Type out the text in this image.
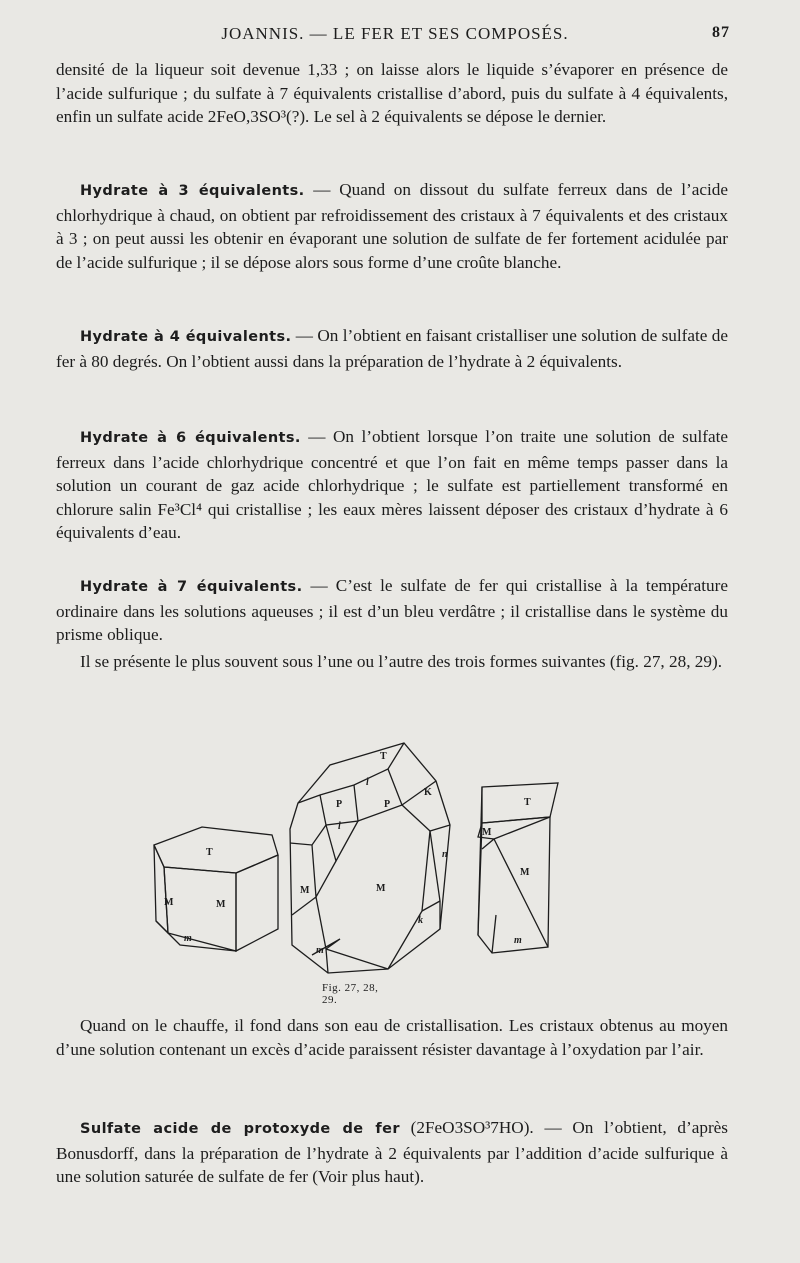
JOANNIS. — LE FER ET SES COMPOSÉS.	87

densité de la liqueur soit devenue 1,33 ; on laisse alors le liquide s’évaporer en présence de l’acide sulfurique ; du sulfate à 7 équivalents cristallise d’abord, puis du sulfate à 4 équivalents, enfin un sulfate acide 2FeO,3SO³(?). Le sel à 2 équivalents se dépose le dernier.

Hydrate à 3 équivalents. — Quand on dissout du sulfate ferreux dans de l’acide chlorhydrique à chaud, on obtient par refroidissement des cristaux à 7 équivalents et des cristaux à 3 ; on peut aussi les obtenir en évaporant une solution de sulfate de fer fortement acidulée par de l’acide sulfurique ; il se dépose alors sous forme d’une croûte blanche.

Hydrate à 4 équivalents. — On l’obtient en faisant cristalliser une solution de sulfate de fer à 80 degrés. On l’obtient aussi dans la préparation de l’hydrate à 2 équivalents.

Hydrate à 6 équivalents. — On l’obtient lorsque l’on traite une solution de sulfate ferreux dans l’acide chlorhydrique concentré et que l’on fait en même temps passer dans la solution un courant de gaz acide chlorhydrique ; le sulfate est partiellement transformé en chlorure salin Fe³Cl⁴ qui cristallise ; les eaux mères laissent déposer des cristaux d’hydrate à 6 équivalents d’eau.

Hydrate à 7 équivalents. — C’est le sulfate de fer qui cristallise à la température ordinaire dans les solutions aqueuses ; il est d’un bleu verdâtre ; il cristallise dans le système du prisme oblique.

Il se présente le plus souvent sous l’une ou l’autre des trois formes suivantes (fig. 27, 28, 29).

T
M	M
m
T
l
P	P
K
l
n
M	M
k
m
T
M
M
m
Fig. 27, 28, 29.

Quand on le chauffe, il fond dans son eau de cristallisation. Les cristaux obtenus au moyen d’une solution contenant un excès d’acide paraissent résister davantage à l’oxydation par l’air.

Sulfate acide de protoxyde de fer (2FeO3SO³7HO). — On l’obtient, d’après Bonusdorff, dans la préparation de l’hydrate à 2 équivalents par l’addition d’acide sulfurique à une solution saturée de sulfate de fer (Voir plus haut).
